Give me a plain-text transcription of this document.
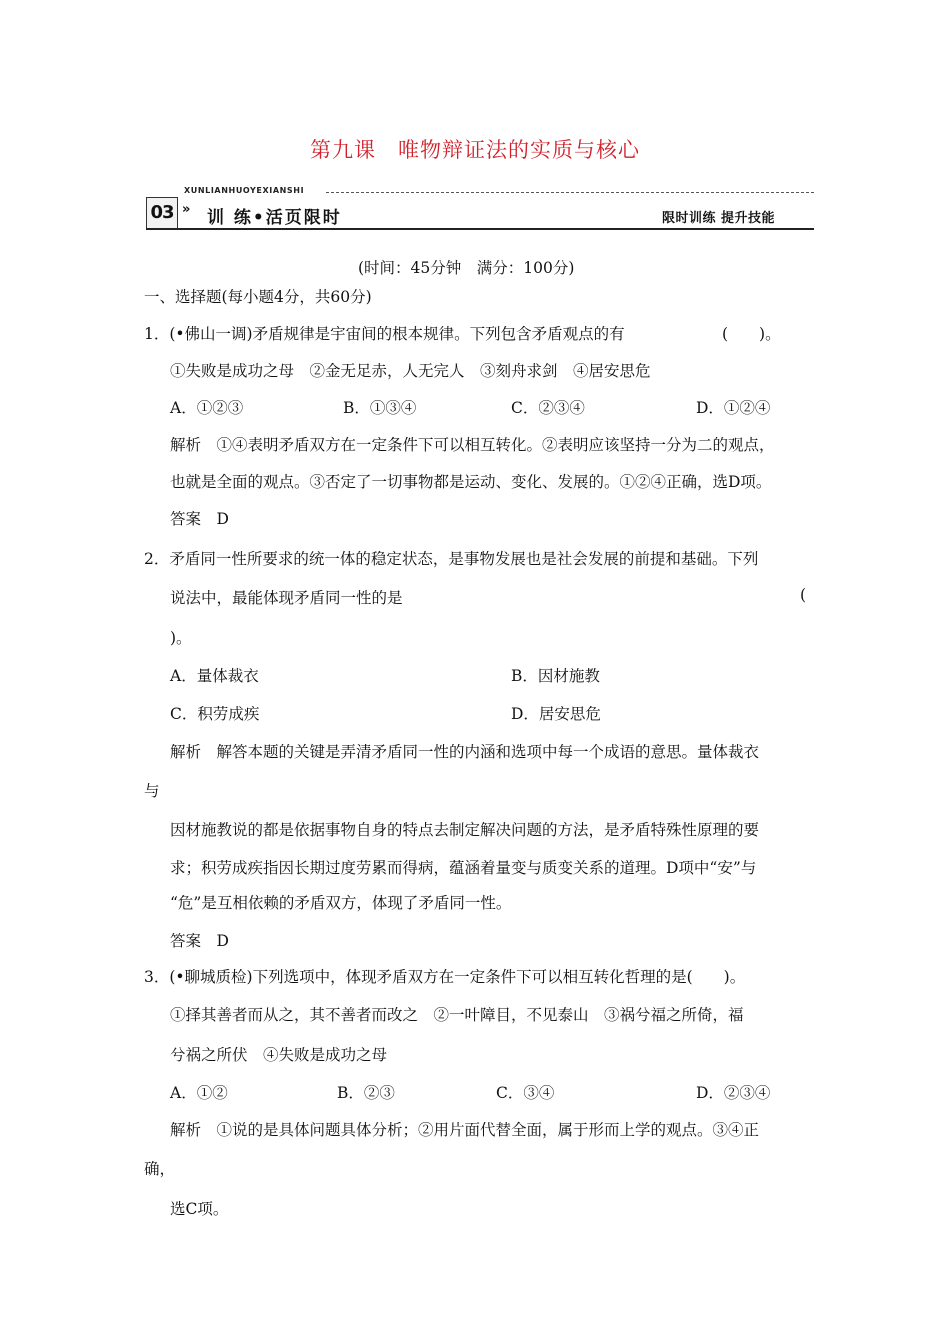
第九课　唯物辩证法的实质与核心
XUNLIANHUOYEXIANSHI
03 » 训 练•活页限时	限时训练 提升技能
(时间：45分钟　满分：100分)
一、选择题(每小题4分，共60分)
1．(•佛山一调)矛盾规律是宇宙间的根本规律。下列包含矛盾观点的有	(　　)。
①失败是成功之母　②金无足赤，人无完人　③刻舟求剑　④居安思危
A．①②③	B．①③④	C．②③④	D．①②④
解析　①④表明矛盾双方在一定条件下可以相互转化。②表明应该坚持一分为二的观点，
也就是全面的观点。③否定了一切事物都是运动、变化、发展的。①②④正确，选D项。
答案　D
2．矛盾同一性所要求的统一体的稳定状态，是事物发展也是社会发展的前提和基础。下列
说法中，最能体现矛盾同一性的是	(
)。
A．量体裁衣	B．因材施教
C．积劳成疾	D．居安思危
解析　解答本题的关键是弄清矛盾同一性的内涵和选项中每一个成语的意思。量体裁衣
与
因材施教说的都是依据事物自身的特点去制定解决问题的方法，是矛盾特殊性原理的要
求；积劳成疾指因长期过度劳累而得病，蕴涵着量变与质变关系的道理。D项中“安”与
“危”是互相依赖的矛盾双方，体现了矛盾同一性。
答案　D
3．(•聊城质检)下列选项中，体现矛盾双方在一定条件下可以相互转化哲理的是(　　)。
①择其善者而从之，其不善者而改之　②一叶障目，不见泰山　③祸兮福之所倚，福
兮祸之所伏　④失败是成功之母
A．①②	B．②③	C．③④	D．②③④
解析　①说的是具体问题具体分析；②用片面代替全面，属于形而上学的观点。③④正
确，
选C项。
